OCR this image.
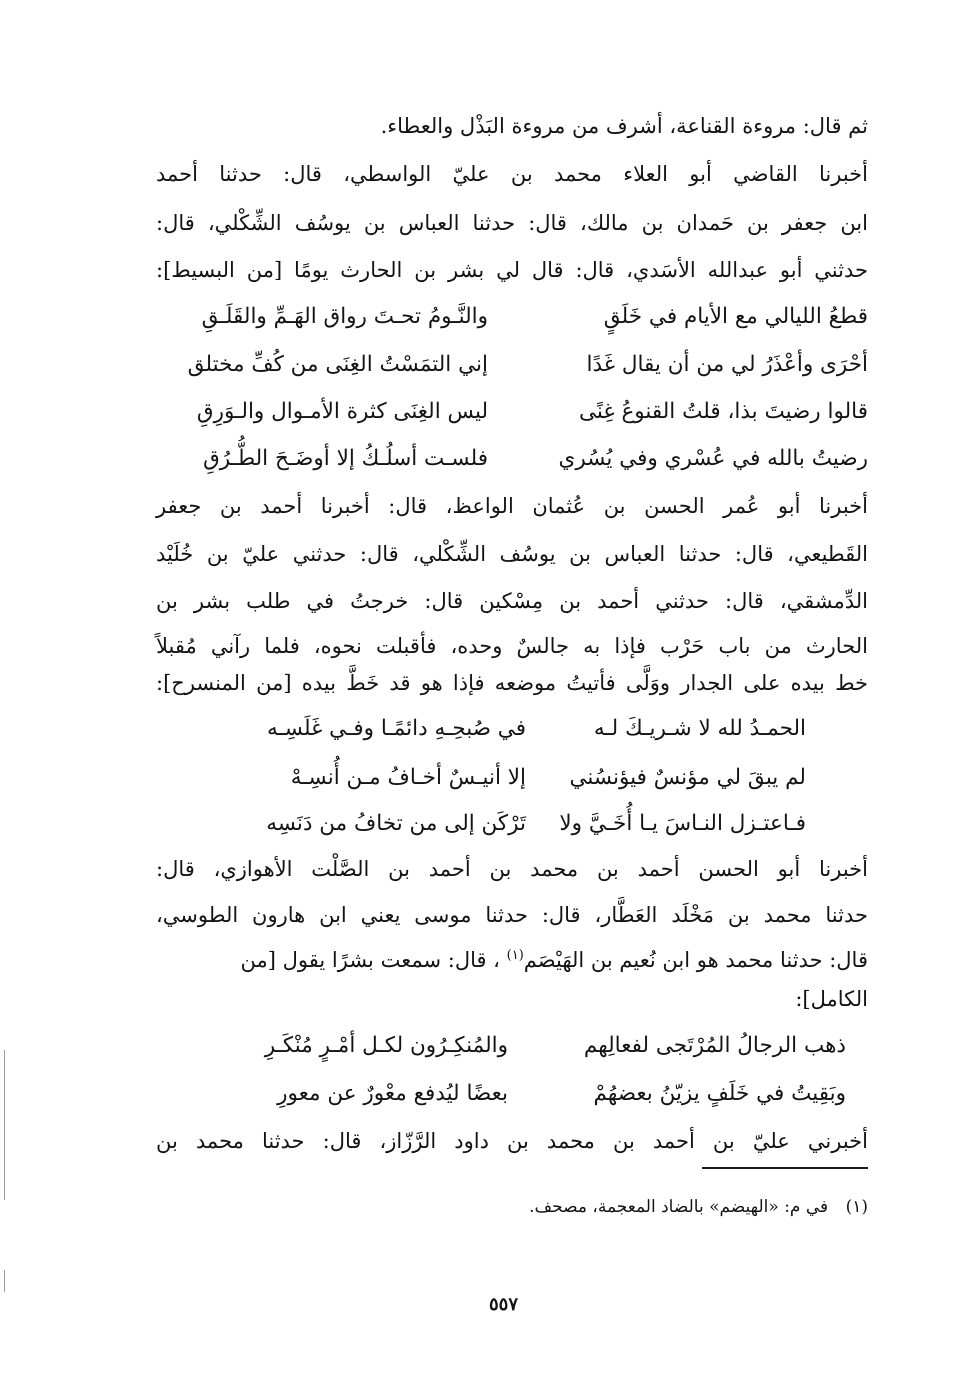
ثم قال: مروءة القناعة، أشرف من مروءة البَذْل والعطاء.
أخبرنا القاضي أبو العلاء محمد بن عليّ الواسطي، قال: حدثنا أحمد
ابن جعفر بن حَمدان بن مالك، قال: حدثنا العباس بن يوسُف الشِّكْلي، قال:
حدثني أبو عبدالله الأسَدي، قال: قال لي بشر بن الحارث يومًا [من البسيط]:
قطعُ الليالي مع الأيام في خَلَقٍ
والنَّـومُ تحـتَ رواق الهَـمِّ والقَلَـقِ
أحْرَى وأعْذَرُ لي من أن يقال غَدًا
إني التمَسْتُ الغِنَى من كُفِّ مختلق
قالوا رضيتَ بذا، قلتُ القنوعُ غِنًى
ليس الغِنَى كثرة الأمـوال والـوَرِقِ
رضيتُ بالله في عُسْري وفي يُسُري
فلسـت أسلُـكُ إلا أوضَـحَ الطُّـرُقِ
أخبرنا أبو عُمر الحسن بن عُثمان الواعظ، قال: أخبرنا أحمد بن جعفر
القَطيعي، قال: حدثنا العباس بن يوسُف الشِّكْلي، قال: حدثني عليّ بن خُلَيْد
الدِّمشقي، قال: حدثني أحمد بن مِسْكين قال: خرجتُ في طلب بشر بن
الحارث من باب حَرْب فإذا به جالسٌ وحده، فأقبلت نحوه، فلما رآني مُقبلاً
خط بيده على الجدار ووَلَّى فأتيتُ موضعه فإذا هو قد خَطَّ بيده [من المنسرح]:
الحمـدُ لله لا شـريـكَ لـه
في صُبحِـهِ دائمًـا وفـي غَلَسِـه
لم يبقَ لي مؤنسٌ فيؤنسُني
إلا أنيـسٌ أخـافُ مـن أُنسِـهْ
فـاعتـزل النـاسَ يـا أُخَـيَّ ولا
تَرْكَن إلى من تخافُ من دَنَسِه
أخبرنا أبو الحسن أحمد بن محمد بن أحمد بن الصَّلْت الأهوازي، قال:
حدثنا محمد بن مَخْلَد العَطَّار، قال: حدثنا موسى يعني ابن هارون الطوسي،
قال: حدثنا محمد هو ابن نُعيم بن الهَيْصَم$^{(١)}$ ، قال: سمعت بشرًا يقول [من
الكامل]:
ذهب الرجالُ المُرْتَجى لفعالِهم
والمُنكِـرُون لكـل أمْـرٍ مُنْكَـرِ
وبَقِيتُ في خَلَفٍ يزيّنُ بعضهُمْ
بعضًا ليُدفع معْورٌ عن معورِ
أخبرني عليّ بن أحمد بن محمد بن داود الرَّزّاز، قال: حدثنا محمد بن
(١) في م: «الهيضم» بالضاد المعجمة، مصحف.
٥٥٧
